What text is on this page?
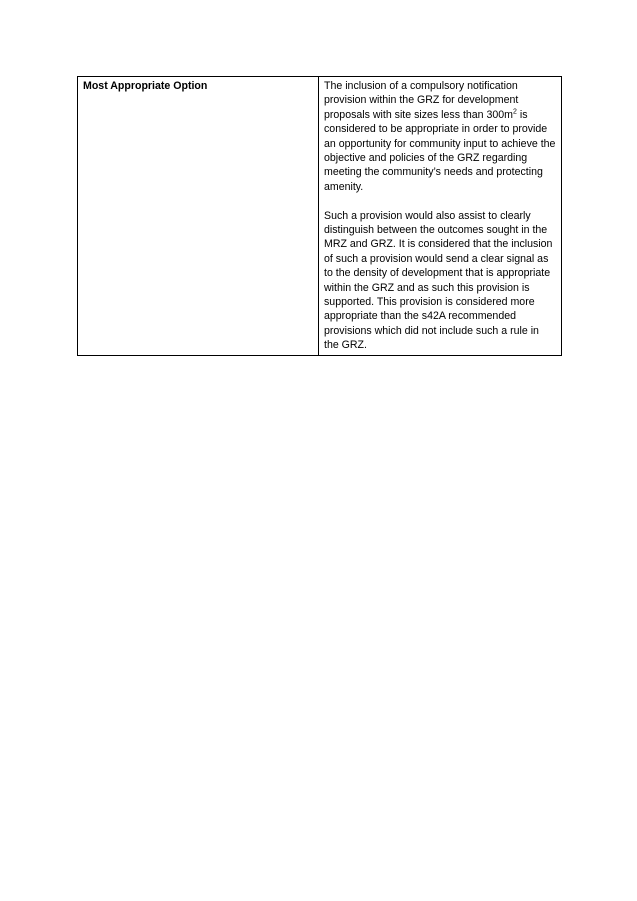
Most Appropriate Option	The inclusion of a compulsory notification provision within the GRZ for development proposals with site sizes less than $300m^2$ is considered to be appropriate in order to provide an opportunity for community input to achieve the objective and policies of the GRZ regarding meeting the community’s needs and protecting amenity.

Such a provision would also assist to clearly distinguish between the outcomes sought in the MRZ and GRZ. It is considered that the inclusion of such a provision would send a clear signal as to the density of development that is appropriate within the GRZ and as such this provision is supported. This provision is considered more appropriate than the s42A recommended provisions which did not include such a rule in the GRZ.
